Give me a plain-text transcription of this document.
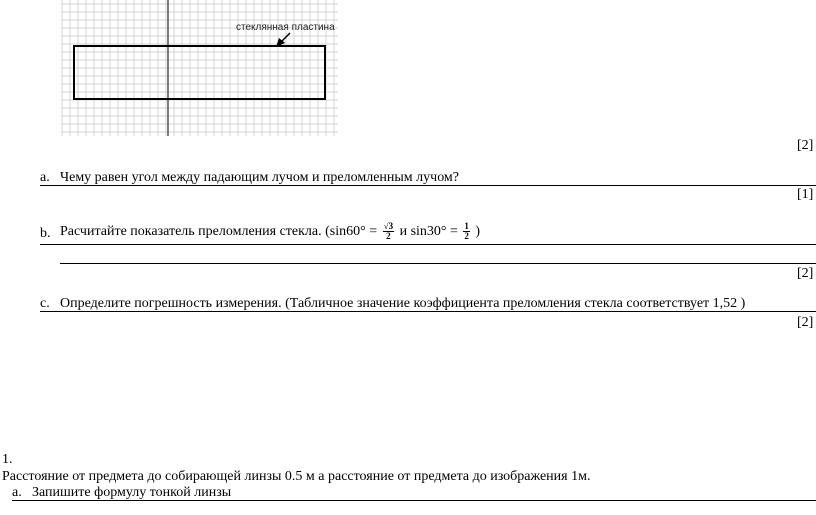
стеклянная пластина
[2]
a. Чему равен угол между падающим лучом и преломленным лучом?
[1]
b. Расчитайте показатель преломления стекла. ($\sin 60^\circ = \frac{√3}{2}$ и $\sin 30^\circ = \frac{1}{2}$ )
[2]
c. Определите погрешность измерения. (Табличное значение коэффициента преломления стекла соответствует 1,52 )
[2]
1.
Расстояние от предмета до собирающей линзы 0.5 м а расстояние от предмета до изображения 1м.
a. Запишите формулу тонкой линзы
